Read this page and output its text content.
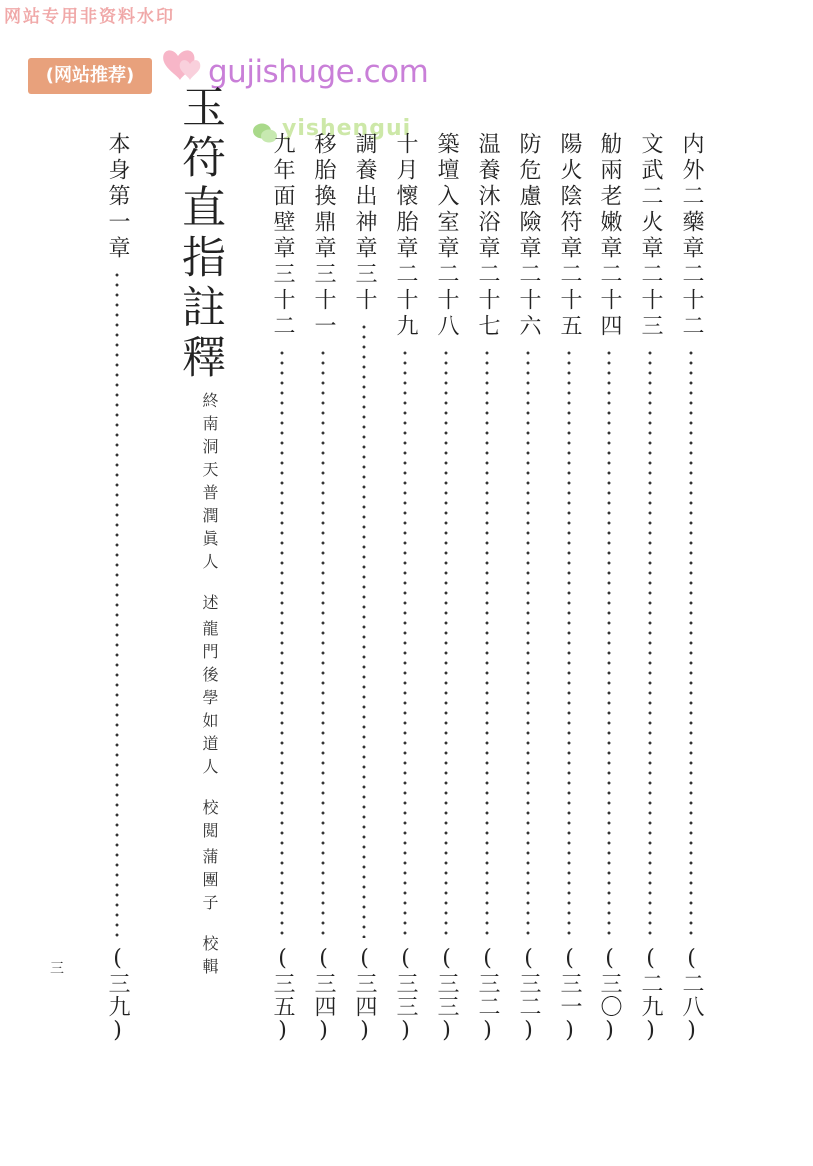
网站专用非资料水印
(网站推荐)	gujishuge.com
yishengui
内外二藥章二十二
(二八)
文武二火章二十三
(二九)
觔兩老嫩章二十四
(三〇)
陽火陰符章二十五
(三一)
防危慮險章二十六
(三二)
温養沐浴章二十七
(三二)
築壇入室章二十八
(三三)
十月懷胎章二十九
(三三)
調養出神章三十
(三四)
移胎換鼎章三十一
(三四)
九年面壁章三十二
(三五)
玉符直指註釋
終南洞天普潤眞人述
龍門後學如道人校閲
蒲團子校輯
本身第一章
(三九)
三
